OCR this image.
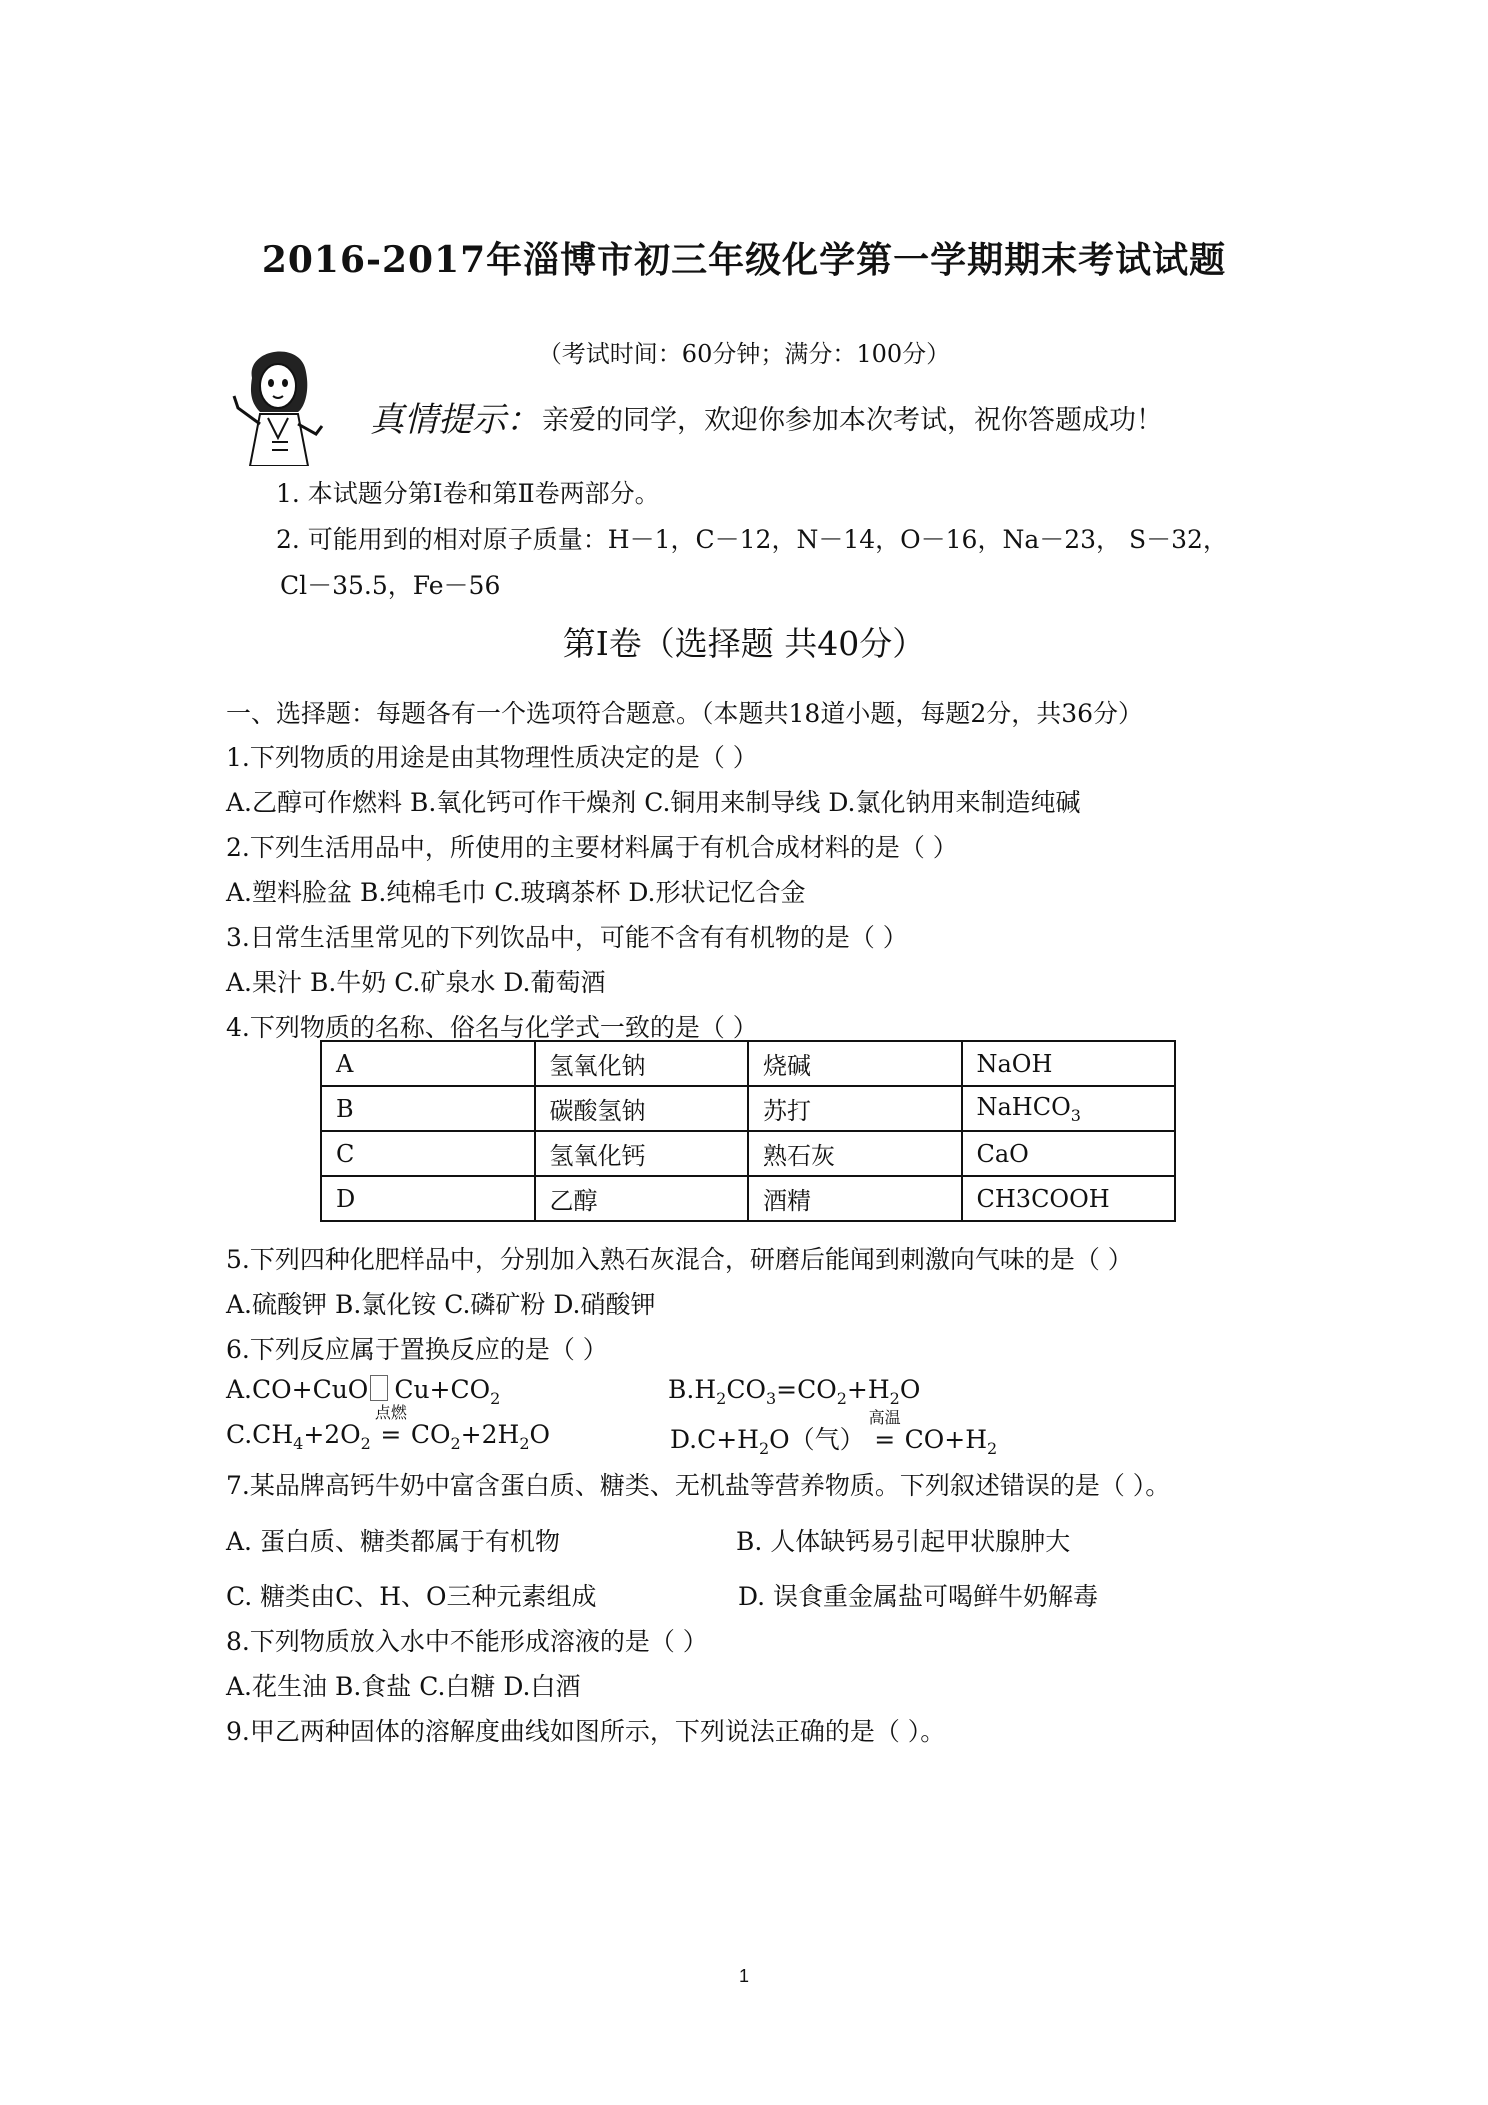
2016-2017年淄博市初三年级化学第一学期期末考试试题
（考试时间：60分钟；满分：100分）
真情提示： 亲爱的同学，欢迎你参加本次考试，祝你答题成功！
1. 本试题分第Ⅰ卷和第Ⅱ卷两部分。
2. 可能用到的相对原子质量：H－1，C－12，N－14，O－16，Na－23， S－32，
Cl－35.5，Fe－56
第Ⅰ卷（选择题 共40分）
一、选择题：每题各有一个选项符合题意。（本题共18道小题，每题2分，共36分）
1.下列物质的用途是由其物理性质决定的是（ ）
A.乙醇可作燃料 B.氧化钙可作干燥剂 C.铜用来制导线 D.氯化钠用来制造纯碱
2.下列生活用品中，所使用的主要材料属于有机合成材料的是（ ）
A.塑料脸盆 B.纯棉毛巾 C.玻璃茶杯 D.形状记忆合金
3.日常生活里常见的下列饮品中，可能不含有有机物的是（ ）
A.果汁 B.牛奶 C.矿泉水 D.葡萄酒
4.下列物质的名称、俗名与化学式一致的是（ ）
A	氢氧化钠	烧碱	NaOH
B	碳酸氢钠	苏打	NaHCO$_3$
C	氢氧化钙	熟石灰	CaO
D	乙醇	酒精	CH3COOH
5.下列四种化肥样品中，分别加入熟石灰混合，研磨后能闻到刺激向气味的是（ ）
A.硫酸钾 B.氯化铵 C.磷矿粉 D.硝酸钾
6.下列反应属于置换反应的是（ ）
A.CO+CuO $Cu+CO_2$	$B.H_2CO_3=CO_2+H_2O$
$C.CH_4+2O_2$
点燃
= $CO_2+2H_2O$	$D.C+H_2O$（气）
高温
= $CO+H_2$
7.某品牌高钙牛奶中富含蛋白质、糖类、无机盐等营养物质。下列叙述错误的是（ ）。
A. 蛋白质、糖类都属于有机物	B. 人体缺钙易引起甲状腺肿大
C. 糖类由C、H、O三种元素组成	D. 误食重金属盐可喝鲜牛奶解毒
8.下列物质放入水中不能形成溶液的是（ ）
A.花生油 B.食盐 C.白糖 D.白酒
9.甲乙两种固体的溶解度曲线如图所示，下列说法正确的是（ ）。
1
